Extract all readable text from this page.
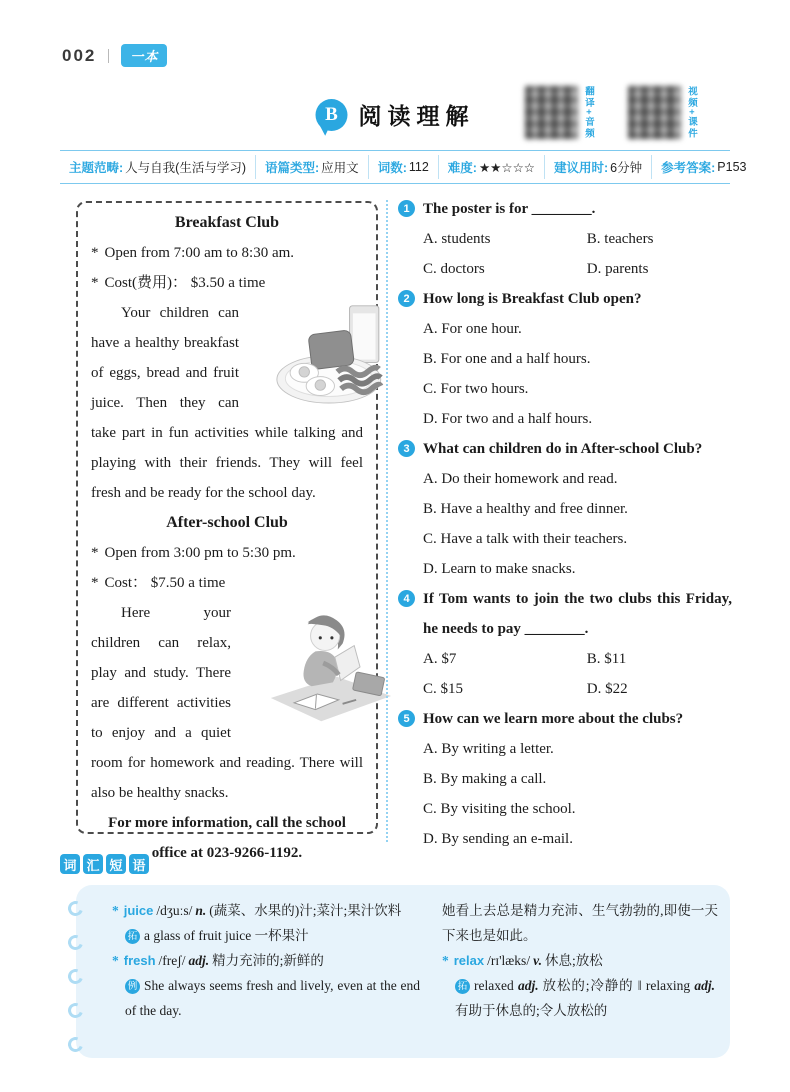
002	一本
B 阅读理解	翻译+音频	视频+课件
主题范畴: 人与自我(生活与学习) 语篇类型: 应用文 词数: 112 难度: ★★☆☆☆ 建议用时: 6分钟 参考答案: P153
Breakfast Club
* Open from 7:00 am to 8:30 am.
* Cost(费用)： $3.50 a time

Your children can have a healthy breakfast of eggs, bread and fruit juice. Then they can take part in fun activities while talking and playing with their friends. They will feel fresh and be ready for the school day.

After-school Club
* Open from 3:00 pm to 5:30 pm.
* Cost： $7.50 a time

Here your children can relax, play and study. There are different activities to enjoy and a quiet room for homework and reading. There will also be healthy snacks.

For more information, call the school office at 023-9266-1192.
1 The poster is for ________.
A. students	B. teachers
C. doctors	D. parents
2 How long is Breakfast Club open?
A. For one hour.
B. For one and a half hours.
C. For two hours.
D. For two and a half hours.
3 What can children do in After-school Club?
A. Do their homework and read.
B. Have a healthy and free dinner.
C. Have a talk with their teachers.
D. Learn to make snacks.
4 If Tom wants to join the two clubs this Friday, he needs to pay ________.
A. $7	B. $11
C. $15	D. $22
5 How can we learn more about the clubs?
A. By writing a letter.
B. By making a call.
C. By visiting the school.
D. By sending an e-mail.
词 汇 短 语
* juice /dʒuːs/ n. (蔬菜、水果的)汁;菜汁;果汁饮料
拓 a glass of fruit juice 一杯果汁
* fresh /freʃ/ adj. 精力充沛的;新鲜的
例 She always seems fresh and lively, even at the end of the day.
她看上去总是精力充沛、生气勃勃的,即使一天下来也是如此。
* relax /rɪ'læks/ v. 休息;放松
拓 relaxed adj. 放松的;冷静的 ‖ relaxing adj.有助于休息的;令人放松的
